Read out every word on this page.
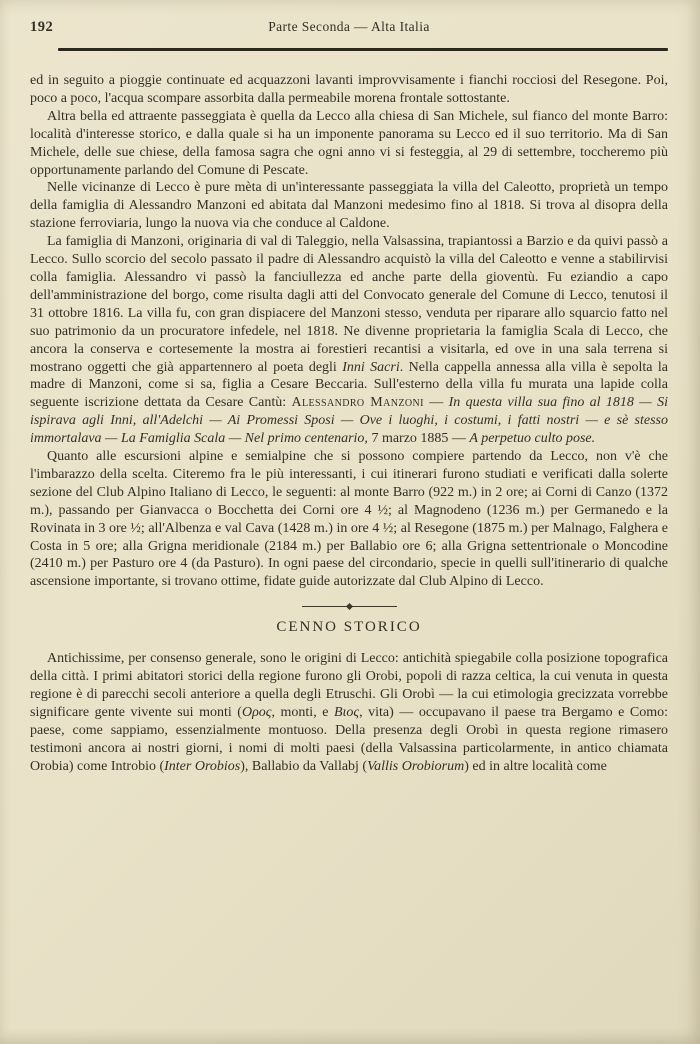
192	Parte Seconda — Alta Italia

ed in seguito a pioggie continuate ed acquazzoni lavanti improvvisamente i fianchi rocciosi del Resegone. Poi, poco a poco, l'acqua scompare assorbita dalla permeabile morena frontale sottostante.

Altra bella ed attraente passeggiata è quella da Lecco alla chiesa di San Michele, sul fianco del monte Barro: località d'interesse storico, e dalla quale si ha un imponente panorama su Lecco ed il suo territorio. Ma di San Michele, delle sue chiese, della famosa sagra che ogni anno vi si festeggia, al 29 di settembre, toccheremo più opportunamente parlando del Comune di Pescate.

Nelle vicinanze di Lecco è pure mèta di un'interessante passeggiata la villa del Caleotto, proprietà un tempo della famiglia di Alessandro Manzoni ed abitata dal Manzoni medesimo fino al 1818. Si trova al disopra della stazione ferroviaria, lungo la nuova via che conduce al Caldone.

La famiglia di Manzoni, originaria di val di Taleggio, nella Valsassina, trapiantossi a Barzio e da quivi passò a Lecco. Sullo scorcio del secolo passato il padre di Alessandro acquistò la villa del Caleotto e venne a stabilirvisi colla famiglia. Alessandro vi passò la fanciullezza ed anche parte della gioventù. Fu eziandio a capo dell'amministrazione del borgo, come risulta dagli atti del Convocato generale del Comune di Lecco, tenutosi il 31 ottobre 1816. La villa fu, con gran dispiacere del Manzoni stesso, venduta per riparare allo squarcio fatto nel suo patrimonio da un procuratore infedele, nel 1818. Ne divenne proprietaria la famiglia Scala di Lecco, che ancora la conserva e cortesemente la mostra ai forestieri recantisi a visitarla, ed ove in una sala terrena si mostrano oggetti che già appartennero al poeta degli Inni Sacri. Nella cappella annessa alla villa è sepolta la madre di Manzoni, come si sa, figlia a Cesare Beccaria. Sull'esterno della villa fu murata una lapide colla seguente iscrizione dettata da Cesare Cantù: Alessandro Manzoni — In questa villa sua fino al 1818 — Si ispirava agli Inni, all'Adelchi — Ai Promessi Sposi — Ove i luoghi, i costumi, i fatti nostri — e sè stesso immortalava — La Famiglia Scala — Nel primo centenario, 7 marzo 1885 — A perpetuo culto pose.

Quanto alle escursioni alpine e semialpine che si possono compiere partendo da Lecco, non v'è che l'imbarazzo della scelta. Citeremo fra le più interessanti, i cui itinerari furono studiati e verificati dalla solerte sezione del Club Alpino Italiano di Lecco, le seguenti: al monte Barro (922 m.) in 2 ore; ai Corni di Canzo (1372 m.), passando per Gianvacca o Bocchetta dei Corni ore 4 ½; al Magnodeno (1236 m.) per Germanedo e la Rovinata in 3 ore ½; all'Albenza e val Cava (1428 m.) in ore 4 ½; al Resegone (1875 m.) per Malnago, Falghera e Costa in 5 ore; alla Grigna meridionale (2184 m.) per Ballabio ore 6; alla Grigna settentrionale o Moncodine (2410 m.) per Pasturo ore 4 (da Pasturo). In ogni paese del circondario, specie in quelli sull'itinerario di qualche ascensione importante, si trovano ottime, fidate guide autorizzate dal Club Alpino di Lecco.

CENNO STORICO

Antichissime, per consenso generale, sono le origini di Lecco: antichità spiegabile colla posizione topografica della città. I primi abitatori storici della regione furono gli Orobi, popoli di razza celtica, la cui venuta in questa regione è di parecchi secoli anteriore a quella degli Etruschi. Gli Orobì — la cui etimologia grecizzata vorrebbe significare gente vivente sui monti (Ορος, monti, e Βιος, vita) — occupavano il paese tra Bergamo e Como: paese, come sappiamo, essenzialmente montuoso. Della presenza degli Orobì in questa regione rimasero testimoni ancora ai nostri giorni, i nomi di molti paesi (della Valsassina particolarmente, in antico chiamata Orobia) come Introbio (Inter Orobios), Ballabio da Vallabj (Vallis Orobiorum) ed in altre località come
